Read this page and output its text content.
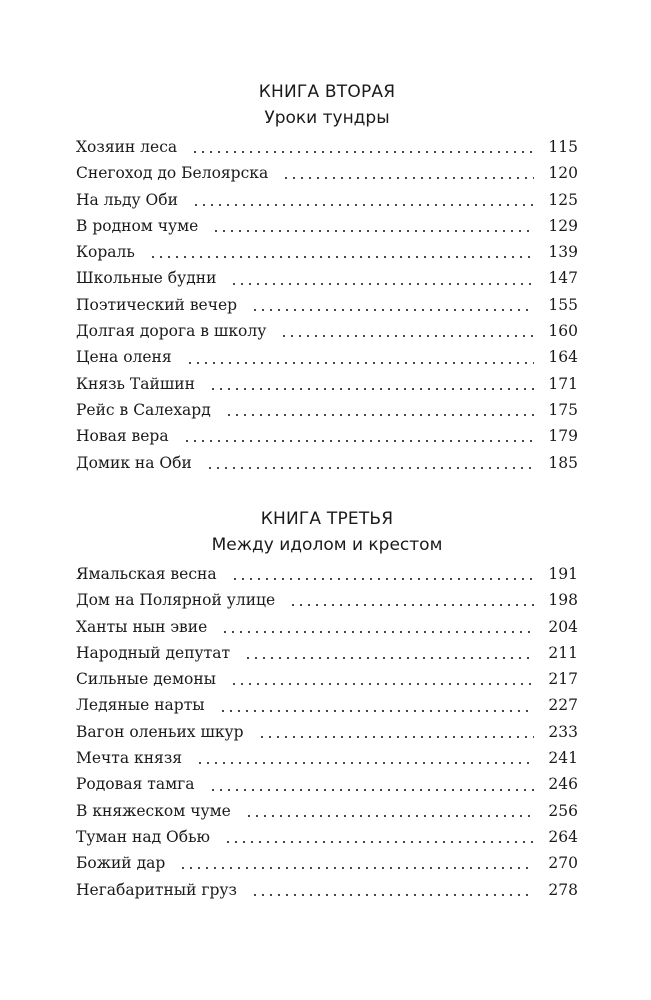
КНИГА ВТОРАЯ
Уроки тундры
Хозяин леса	115
Снегоход до Белоярска	120
На льду Оби	125
В родном чуме	129
Кораль	139
Школьные будни	147
Поэтический вечер	155
Долгая дорога в школу	160
Цена оленя	164
Князь Тайшин	171
Рейс в Салехард	175
Новая вера	179
Домик на Оби	185
КНИГА ТРЕТЬЯ
Между идолом и крестом
Ямальская весна	191
Дом на Полярной улице	198
Ханты нын эвие	204
Народный депутат	211
Сильные демоны	217
Ледяные нарты	227
Вагон оленьих шкур	233
Мечта князя	241
Родовая тамга	246
В княжеском чуме	256
Туман над Обью	264
Божий дар	270
Негабаритный груз	278
